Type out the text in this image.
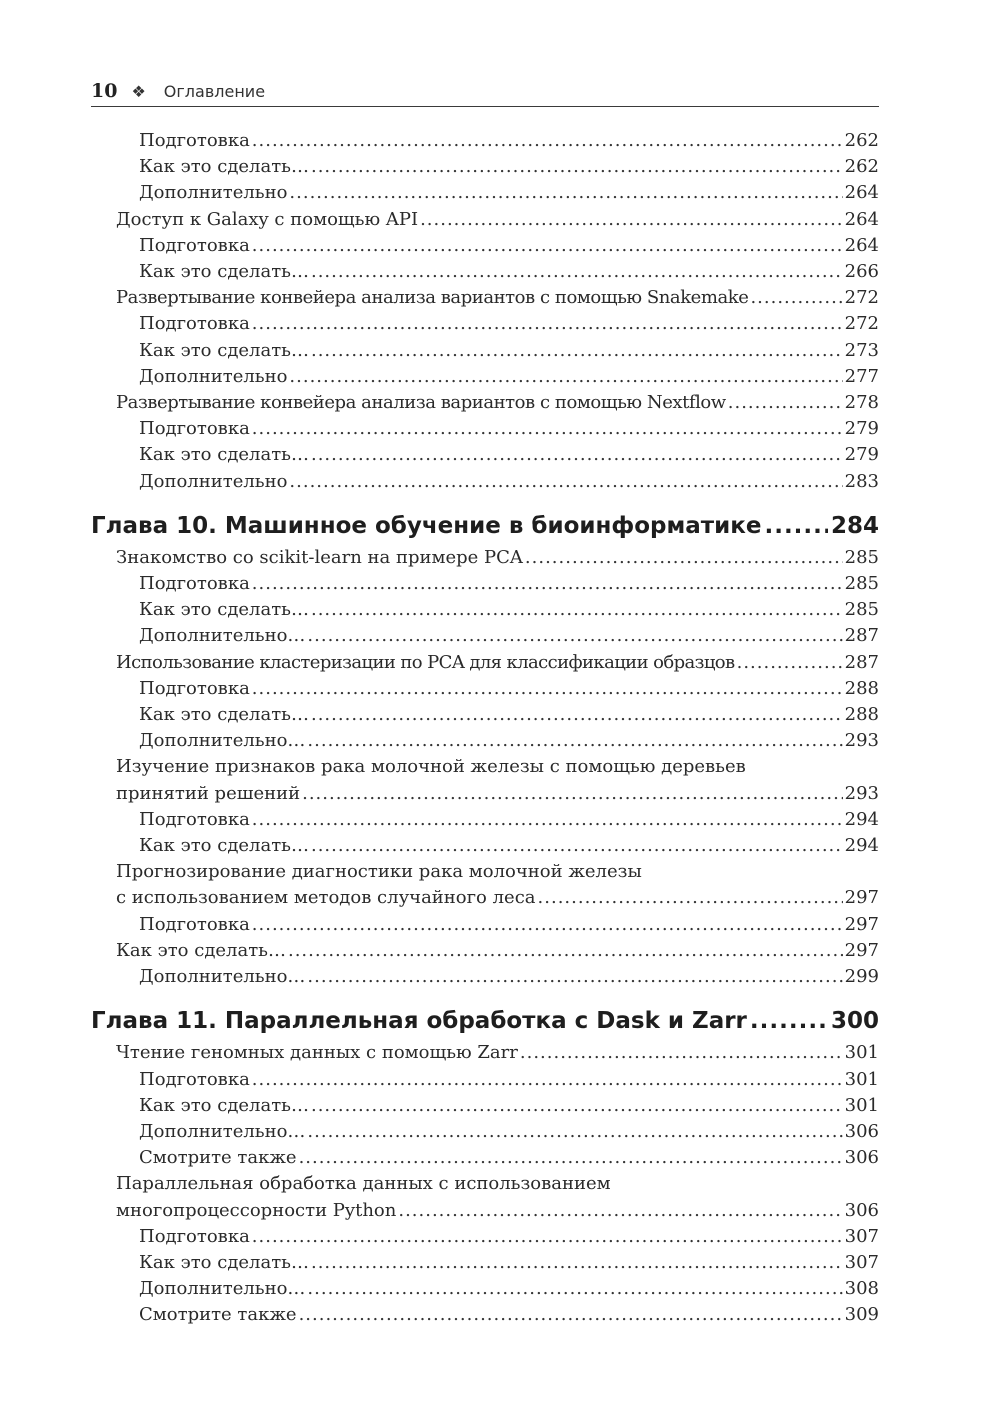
10 ❖ Оглавление
Подготовка .....	262
Как это сделать… .....	262
Дополнительно .....	264
Доступ к Galaxy с помощью API .....	264
Подготовка .....	264
Как это сделать… .....	266
Развертывание конвейера анализа вариантов с помощью Snakemake .....	272
Подготовка .....	272
Как это сделать… .....	273
Дополнительно .....	277
Развертывание конвейера анализа вариантов с помощью Nextflow .....	278
Подготовка .....	279
Как это сделать… .....	279
Дополнительно .....	283
Глава 10. Машинное обучение в биоинформатике .....	284
Знакомство со scikit-learn на примере PCA .....	285
Подготовка .....	285
Как это сделать… .....	285
Дополнительно… .....	287
Использование кластеризации по PCA для классификации образцов .....	287
Подготовка .....	288
Как это сделать… .....	288
Дополнительно… .....	293
Изучение признаков рака молочной железы с помощью деревьев
принятий решений .....	293
Подготовка .....	294
Как это сделать… .....	294
Прогнозирование диагностики рака молочной железы
с использованием методов случайного леса .....	297
Подготовка .....	297
Как это сделать… .....	297
Дополнительно… .....	299
Глава 11. Параллельная обработка с Dask и Zarr .....	300
Чтение геномных данных с помощью Zarr .....	301
Подготовка .....	301
Как это сделать… .....	301
Дополнительно… .....	306
Смотрите также .....	306
Параллельная обработка данных с использованием
многопроцессорности Python .....	306
Подготовка .....	307
Как это сделать… .....	307
Дополнительно… .....	308
Смотрите также .....	309
